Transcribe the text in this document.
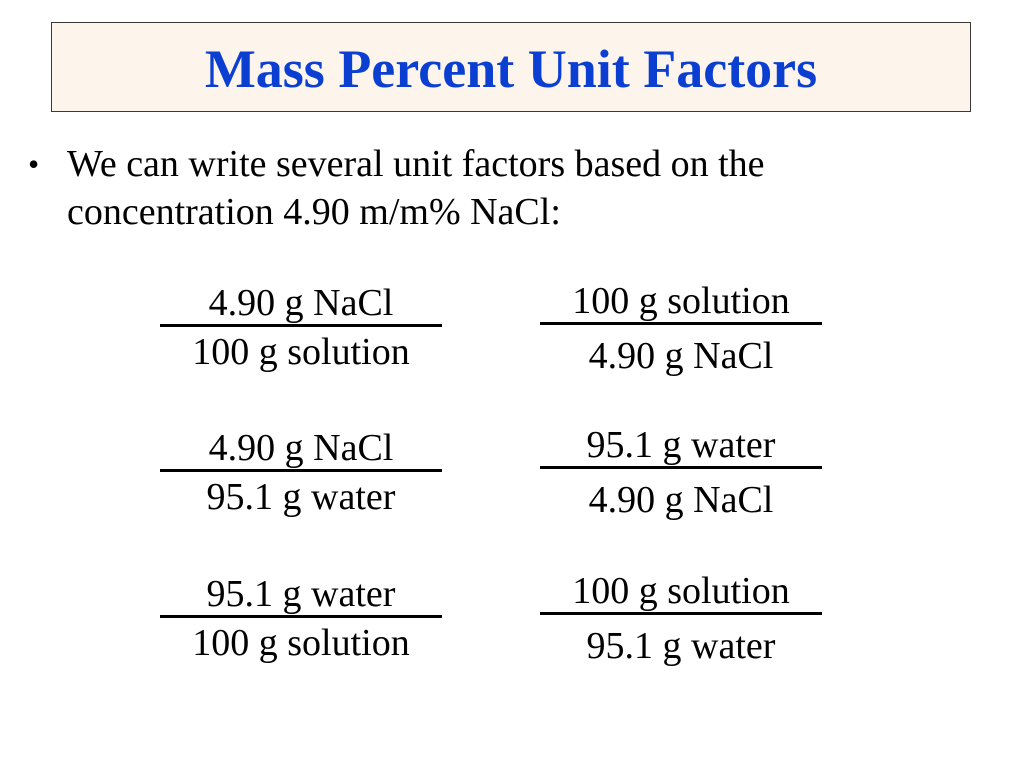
Mass Percent Unit Factors
• We can write several unit factors based on the concentration 4.90 m/m% NaCl:
4.90 g NaCl
100 g solution
100 g solution
4.90 g NaCl
4.90 g NaCl
95.1 g water
95.1 g water
4.90 g NaCl
95.1 g water
100 g solution
100 g solution
95.1 g water
